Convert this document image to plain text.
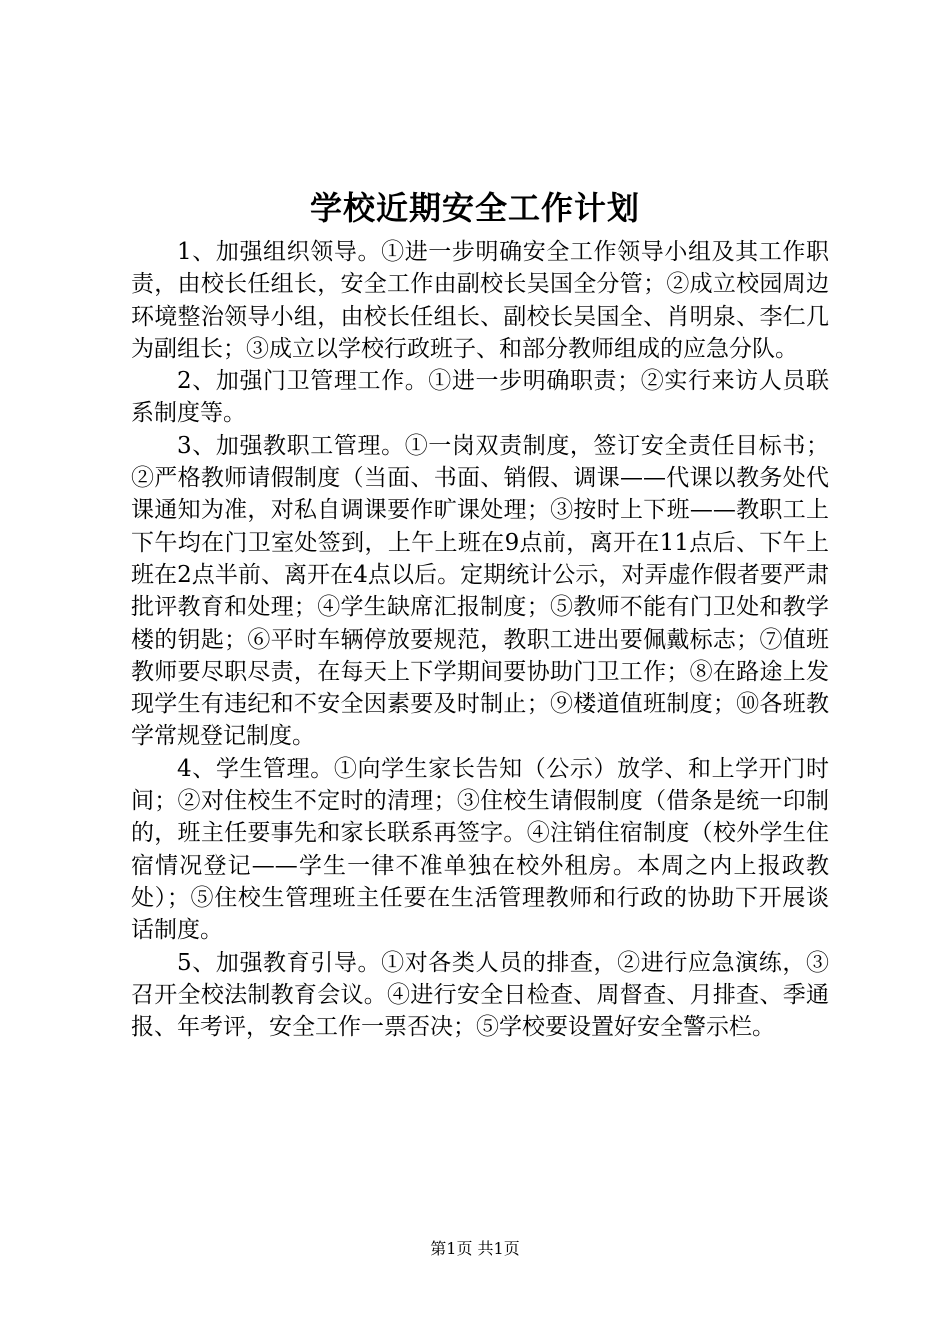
学校近期安全工作计划

1、加强组织领导。①进一步明确安全工作领导小组及其工作职责，由校长任组长，安全工作由副校长吴国全分管；②成立校园周边环境整治领导小组，由校长任组长、副校长吴国全、肖明泉、李仁几为副组长；③成立以学校行政班子、和部分教师组成的应急分队。

2、加强门卫管理工作。①进一步明确职责；②实行来访人员联系制度等。

3、加强教职工管理。①一岗双责制度，签订安全责任目标书；②严格教师请假制度（当面、书面、销假、调课——代课以教务处代课通知为准，对私自调课要作旷课处理；③按时上下班——教职工上下午均在门卫室处签到，上午上班在9点前，离开在11点后、下午上班在2点半前、离开在4点以后。定期统计公示，对弄虚作假者要严肃批评教育和处理；④学生缺席汇报制度；⑤教师不能有门卫处和教学楼的钥匙；⑥平时车辆停放要规范，教职工进出要佩戴标志；⑦值班教师要尽职尽责，在每天上下学期间要协助门卫工作；⑧在路途上发现学生有违纪和不安全因素要及时制止；⑨楼道值班制度；⑩各班教学常规登记制度。

4、学生管理。①向学生家长告知（公示）放学、和上学开门时间；②对住校生不定时的清理；③住校生请假制度（借条是统一印制的，班主任要事先和家长联系再签字。④注销住宿制度（校外学生住宿情况登记——学生一律不准单独在校外租房。本周之内上报政教处）；⑤住校生管理班主任要在生活管理教师和行政的协助下开展谈话制度。

5、加强教育引导。①对各类人员的排查，②进行应急演练，③召开全校法制教育会议。④进行安全日检查、周督查、月排查、季通报、年考评，安全工作一票否决；⑤学校要设置好安全警示栏。

第1页 共1页
